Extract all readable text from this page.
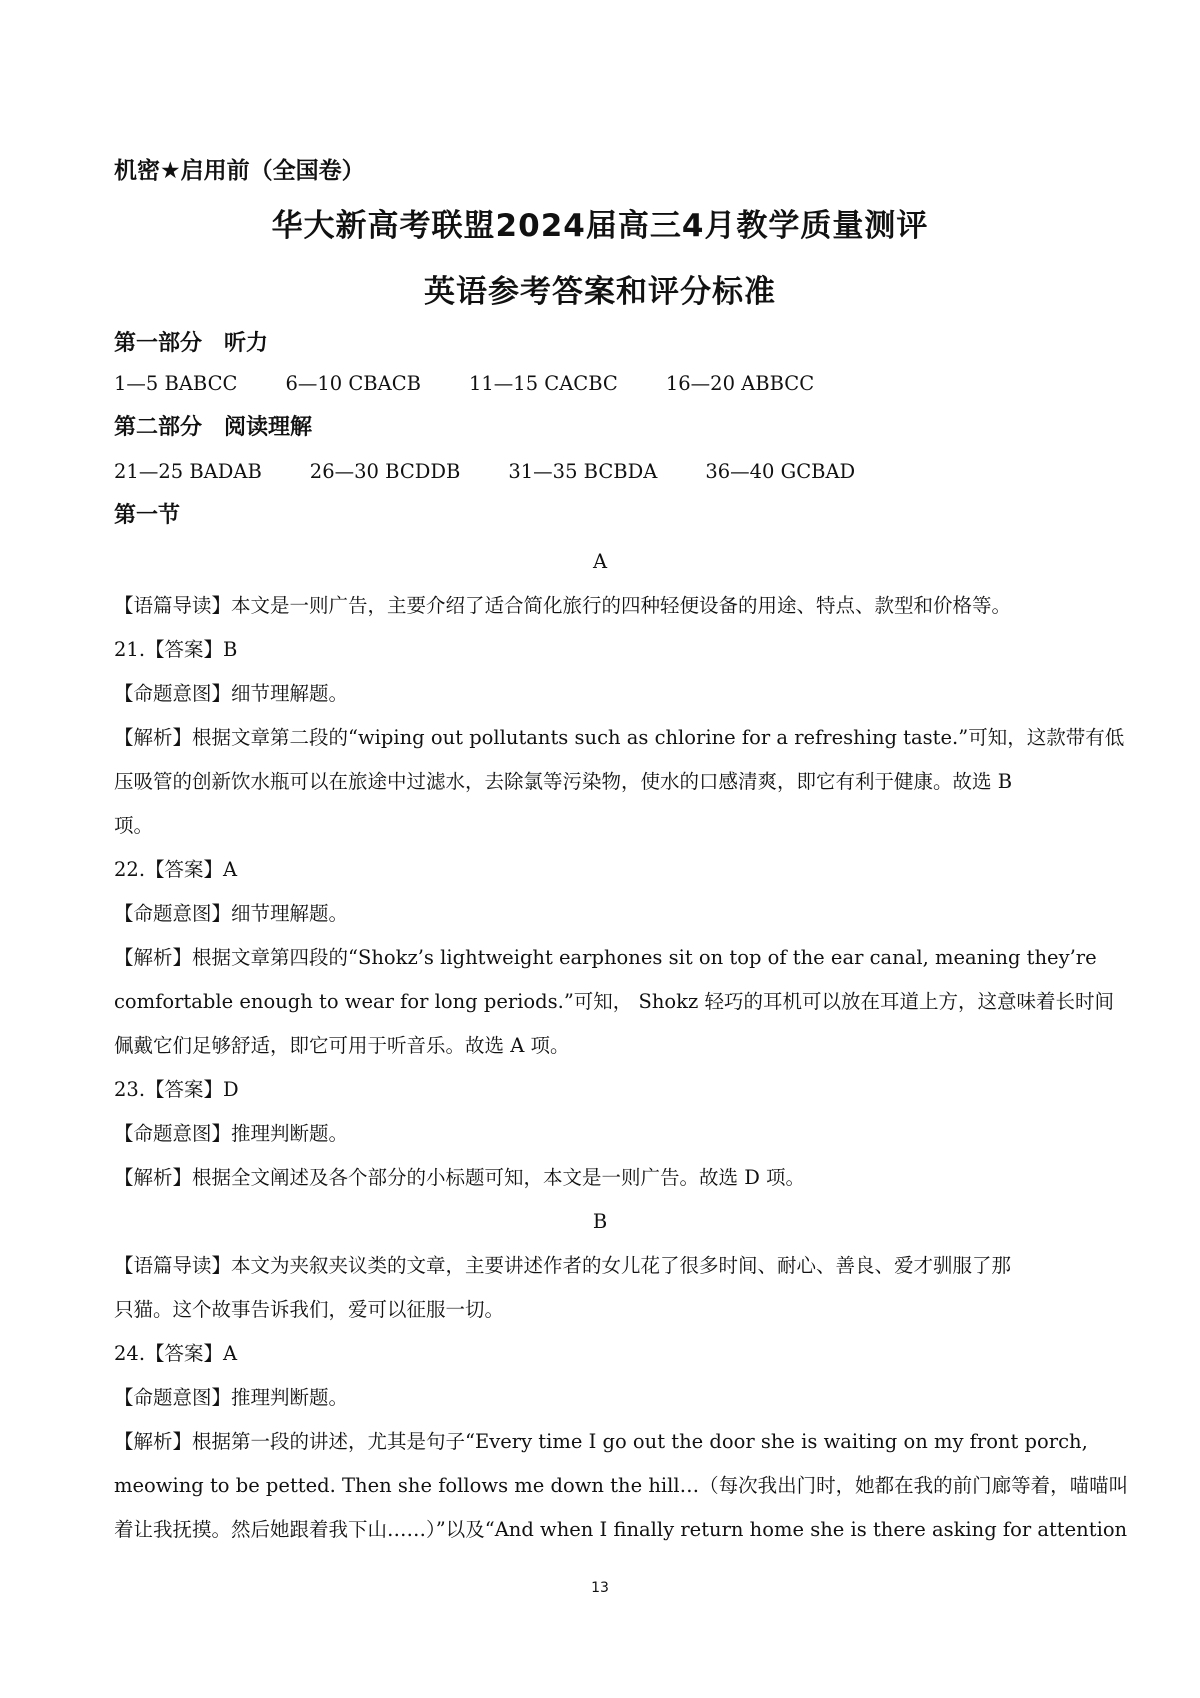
机密★启用前（全国卷）
华大新高考联盟2024届高三4月教学质量测评
英语参考答案和评分标准
第一部分　听力
1—5 BABCC 6—10 CBACB 11—15 CACBC 16—20 ABBCC
第二部分　阅读理解
21—25 BADAB 26—30 BCDDB 31—35 BCBDA 36—40 GCBAD
第一节
A
【语篇导读】本文是一则广告，主要介绍了适合简化旅行的四种轻便设备的用途、特点、款型和价格等。
21.【答案】B
【命题意图】细节理解题。
【解析】根据文章第二段的“wiping out pollutants such as chlorine for a refreshing taste.”可知，这款带有低
压吸管的创新饮水瓶可以在旅途中过滤水，去除氯等污染物，使水的口感清爽，即它有利于健康。故选 B
项。
22.【答案】A
【命题意图】细节理解题。
【解析】根据文章第四段的“Shokz’s lightweight earphones sit on top of the ear canal, meaning they’re
comfortable enough to wear for long periods.”可知， Shokz 轻巧的耳机可以放在耳道上方，这意味着长时间
佩戴它们足够舒适，即它可用于听音乐。故选 A 项。
23.【答案】D
【命题意图】推理判断题。
【解析】根据全文阐述及各个部分的小标题可知，本文是一则广告。故选 D 项。
B
【语篇导读】本文为夹叙夹议类的文章，主要讲述作者的女儿花了很多时间、耐心、善良、爱才驯服了那
只猫。这个故事告诉我们，爱可以征服一切。
24.【答案】A
【命题意图】推理判断题。
【解析】根据第一段的讲述，尤其是句子“Every time I go out the door she is waiting on my front porch,
meowing to be petted. Then she follows me down the hill…（每次我出门时，她都在我的前门廊等着，喵喵叫
着让我抚摸。然后她跟着我下山……）”以及“And when I finally return home she is there asking for attention
13
